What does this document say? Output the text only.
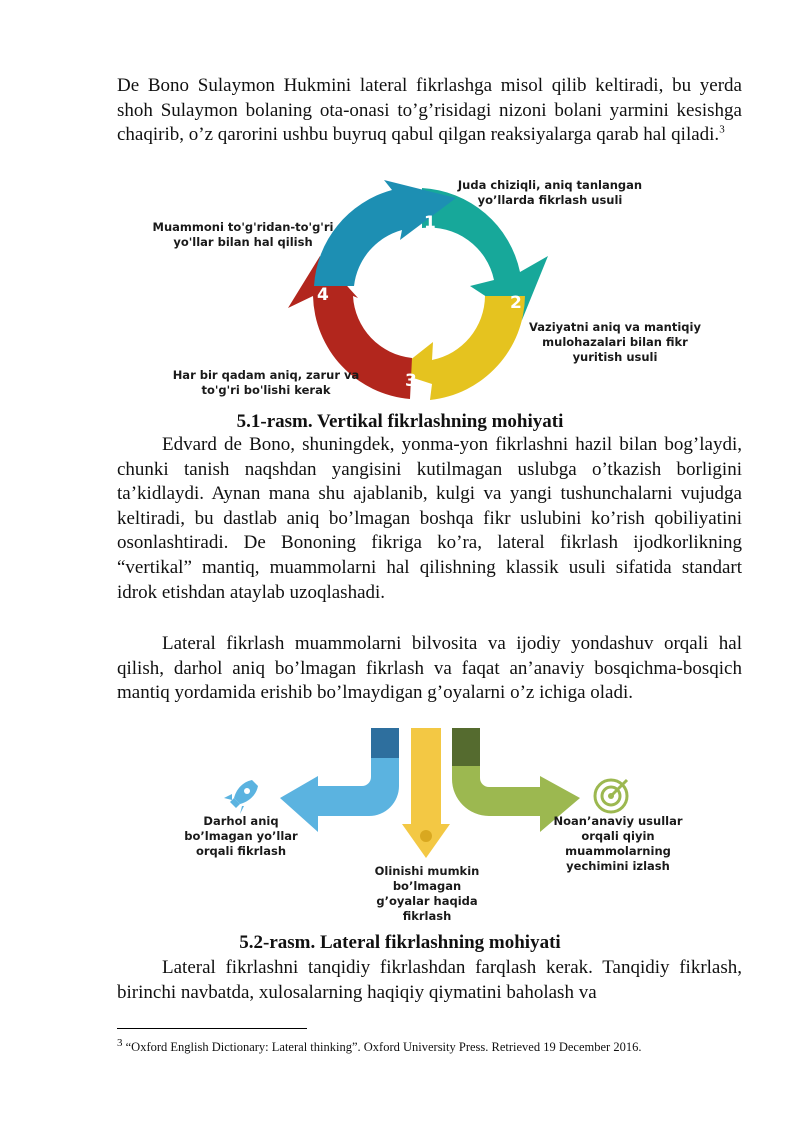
De Bono Sulaymon Hukmini lateral fikrlashga misol qilib keltiradi, bu yerda shoh Sulaymon bolaning ota-onasi to’g’risidagi nizoni bolani yarmini kesishga chaqirib, o’z qarorini ushbu buyruq qabul qilgan reaksiyalarga qarab hal qiladi.$^3$

1
2
3
4
Juda chiziqli, aniq tanlangan yo’llarda fikrlash usuli
Vaziyatni aniq va mantiqiy mulohazalari bilan fikr yuritish usuli
Har bir qadam aniq, zarur va to'g'ri bo'lishi kerak
Muammoni to'g'ridan-to'g'ri yo'llar bilan hal qilish

5.1-rasm. Vertikal fikrlashning mohiyati

Edvard de Bono, shuningdek, yonma-yon fikrlashni hazil bilan bog’laydi, chunki tanish naqshdan yangisini kutilmagan uslubga o’tkazish borligini ta’kidlaydi. Aynan mana shu ajablanib, kulgi va yangi tushunchalarni vujudga keltiradi, bu dastlab aniq bo’lmagan boshqa fikr uslubini ko’rish qobiliyatini osonlashtiradi. De Bononing fikriga ko’ra, lateral fikrlash ijodkorlikning “vertikal” mantiq, muammolarni hal qilishning klassik usuli sifatida standart idrok etishdan ataylab uzoqlashadi.

Lateral fikrlash muammolarni bilvosita va ijodiy yondashuv orqali hal qilish, darhol aniq bo’lmagan fikrlash va faqat an’anaviy bosqichma-bosqich mantiq yordamida erishib bo’lmaydigan g’oyalarni o’z ichiga oladi.

Darhol aniq bo’lmagan yo’llar orqali fikrlash
Olinishi mumkin bo’lmagan g’oyalar haqida fikrlash
Noan’anaviy usullar orqali qiyin muammolarning yechimini izlash

5.2-rasm. Lateral fikrlashning mohiyati

Lateral fikrlashni tanqidiy fikrlashdan farqlash kerak. Tanqidiy fikrlash, birinchi navbatda, xulosalarning haqiqiy qiymatini baholash va

$^3$ “Oxford English Dictionary: Lateral thinking”. Oxford University Press. Retrieved 19 December 2016.
